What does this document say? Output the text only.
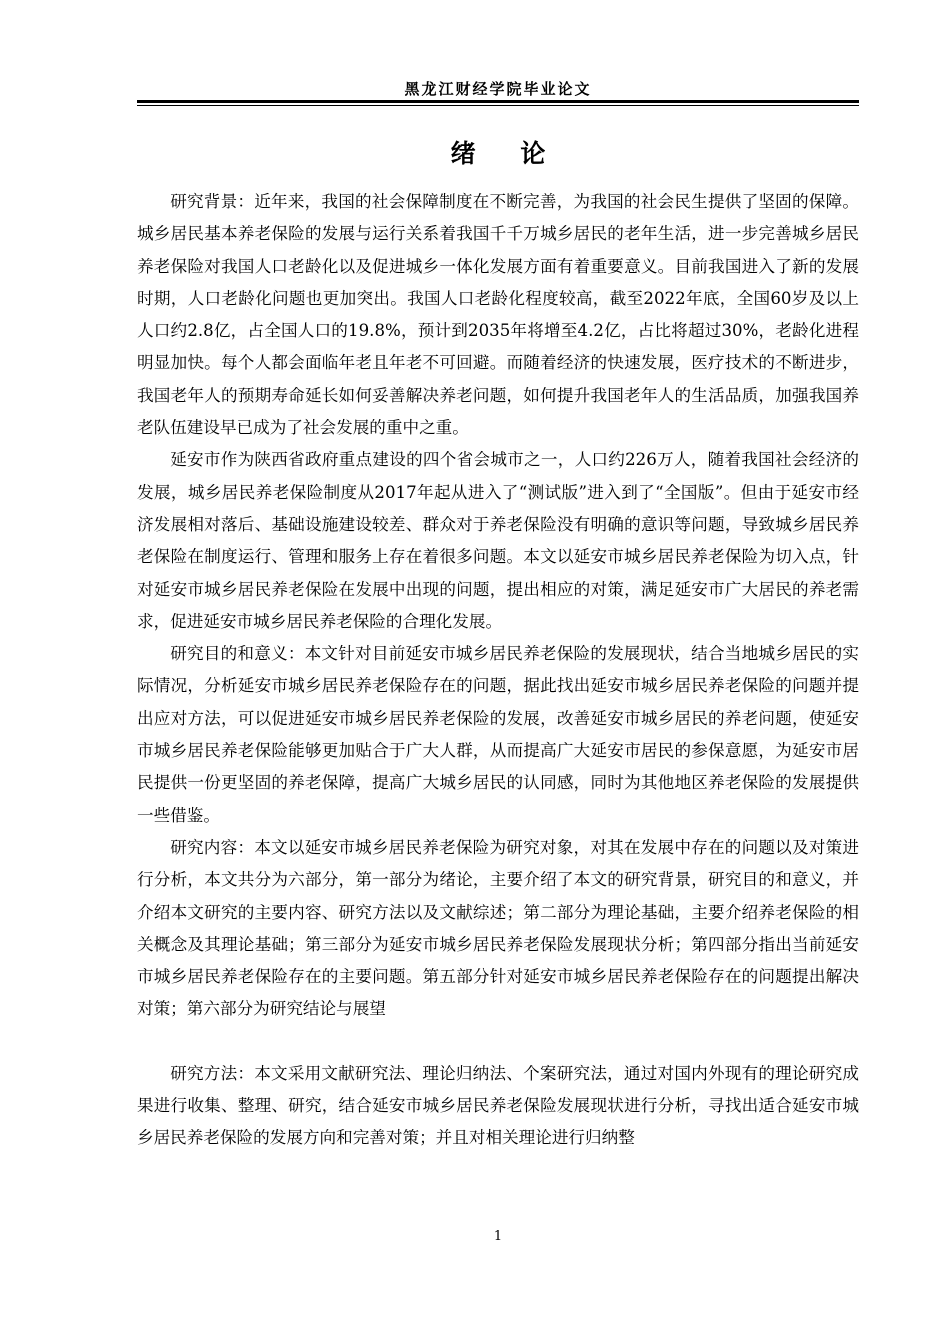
黑龙江财经学院毕业论文
绪 论

研究背景：近年来，我国的社会保障制度在不断完善，为我国的社会民生提供了坚固的保障。城乡居民基本养老保险的发展与运行关系着我国千千万城乡居民的老年生活，进一步完善城乡居民养老保险对我国人口老龄化以及促进城乡一体化发展方面有着重要意义。目前我国进入了新的发展时期，人口老龄化问题也更加突出。我国人口老龄化程度较高，截至2022年底，全国60岁及以上人口约2.8亿，占全国人口的19.8%，预计到2035年将增至4.2亿，占比将超过30%，老龄化进程明显加快。每个人都会面临年老且年老不可回避。而随着经济的快速发展，医疗技术的不断进步，我国老年人的预期寿命延长如何妥善解决养老问题，如何提升我国老年人的生活品质，加强我国养老队伍建设早已成为了社会发展的重中之重。

延安市作为陕西省政府重点建设的四个省会城市之一，人口约226万人，随着我国社会经济的发展，城乡居民养老保险制度从2017年起从进入了“测试版”进入到了“全国版”。但由于延安市经济发展相对落后、基础设施建设较差、群众对于养老保险没有明确的意识等问题，导致城乡居民养老保险在制度运行、管理和服务上存在着很多问题。本文以延安市城乡居民养老保险为切入点，针对延安市城乡居民养老保险在发展中出现的问题，提出相应的对策，满足延安市广大居民的养老需求，促进延安市城乡居民养老保险的合理化发展。

研究目的和意义：本文针对目前延安市城乡居民养老保险的发展现状，结合当地城乡居民的实际情况，分析延安市城乡居民养老保险存在的问题，据此找出延安市城乡居民养老保险的问题并提出应对方法，可以促进延安市城乡居民养老保险的发展，改善延安市城乡居民的养老问题，使延安市城乡居民养老保险能够更加贴合于广大人群，从而提高广大延安市居民的参保意愿，为延安市居民提供一份更坚固的养老保障，提高广大城乡居民的认同感，同时为其他地区养老保险的发展提供一些借鉴。

研究内容：本文以延安市城乡居民养老保险为研究对象，对其在发展中存在的问题以及对策进行分析，本文共分为六部分，第一部分为绪论，主要介绍了本文的研究背景，研究目的和意义，并介绍本文研究的主要内容、研究方法以及文献综述；第二部分为理论基础，主要介绍养老保险的相关概念及其理论基础；第三部分为延安市城乡居民养老保险发展现状分析；第四部分指出当前延安市城乡居民养老保险存在的主要问题。第五部分针对延安市城乡居民养老保险存在的问题提出解决对策；第六部分为研究结论与展望

研究方法：本文采用文献研究法、理论归纳法、个案研究法，通过对国内外现有的理论研究成果进行收集、整理、研究，结合延安市城乡居民养老保险发展现状进行分析，寻找出适合延安市城乡居民养老保险的发展方向和完善对策；并且对相关理论进行归纳整

1
